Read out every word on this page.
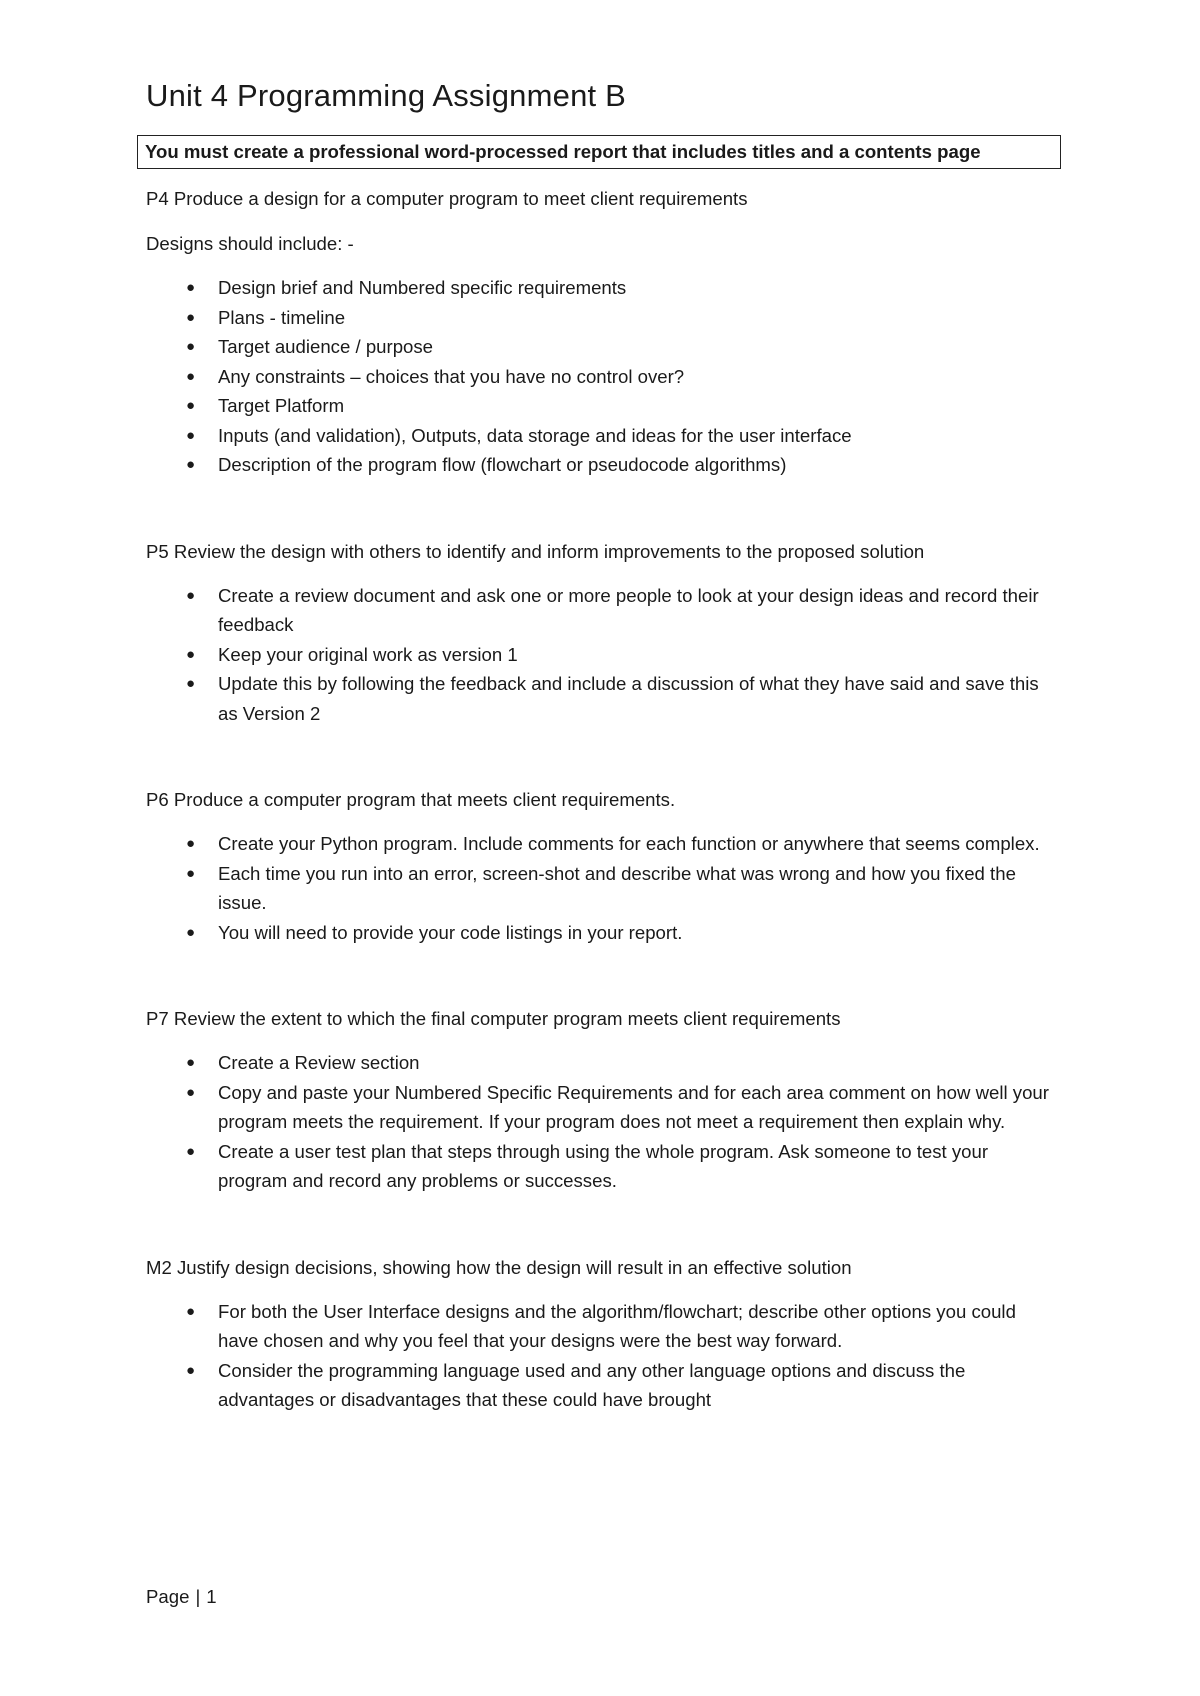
Unit 4 Programming Assignment B
You must create a professional word-processed report that includes titles and a contents page

P4 Produce a design for a computer program to meet client requirements

Designs should include: -

● Design brief and Numbered specific requirements
● Plans - timeline
● Target audience / purpose
● Any constraints – choices that you have no control over?
● Target Platform
● Inputs (and validation), Outputs, data storage and ideas for the user interface
● Description of the program flow (flowchart or pseudocode algorithms)

P5 Review the design with others to identify and inform improvements to the proposed solution

● Create a review document and ask one or more people to look at your design ideas and record their feedback
● Keep your original work as version 1
● Update this by following the feedback and include a discussion of what they have said and save this as Version 2

P6 Produce a computer program that meets client requirements.

● Create your Python program. Include comments for each function or anywhere that seems complex.
● Each time you run into an error, screen-shot and describe what was wrong and how you fixed the issue.
● You will need to provide your code listings in your report.

P7 Review the extent to which the final computer program meets client requirements

● Create a Review section
● Copy and paste your Numbered Specific Requirements and for each area comment on how well your program meets the requirement. If your program does not meet a requirement then explain why.
● Create a user test plan that steps through using the whole program. Ask someone to test your program and record any problems or successes.

M2 Justify design decisions, showing how the design will result in an effective solution

● For both the User Interface designs and the algorithm/flowchart; describe other options you could have chosen and why you feel that your designs were the best way forward.
● Consider the programming language used and any other language options and discuss the advantages or disadvantages that these could have brought
Page | 1
